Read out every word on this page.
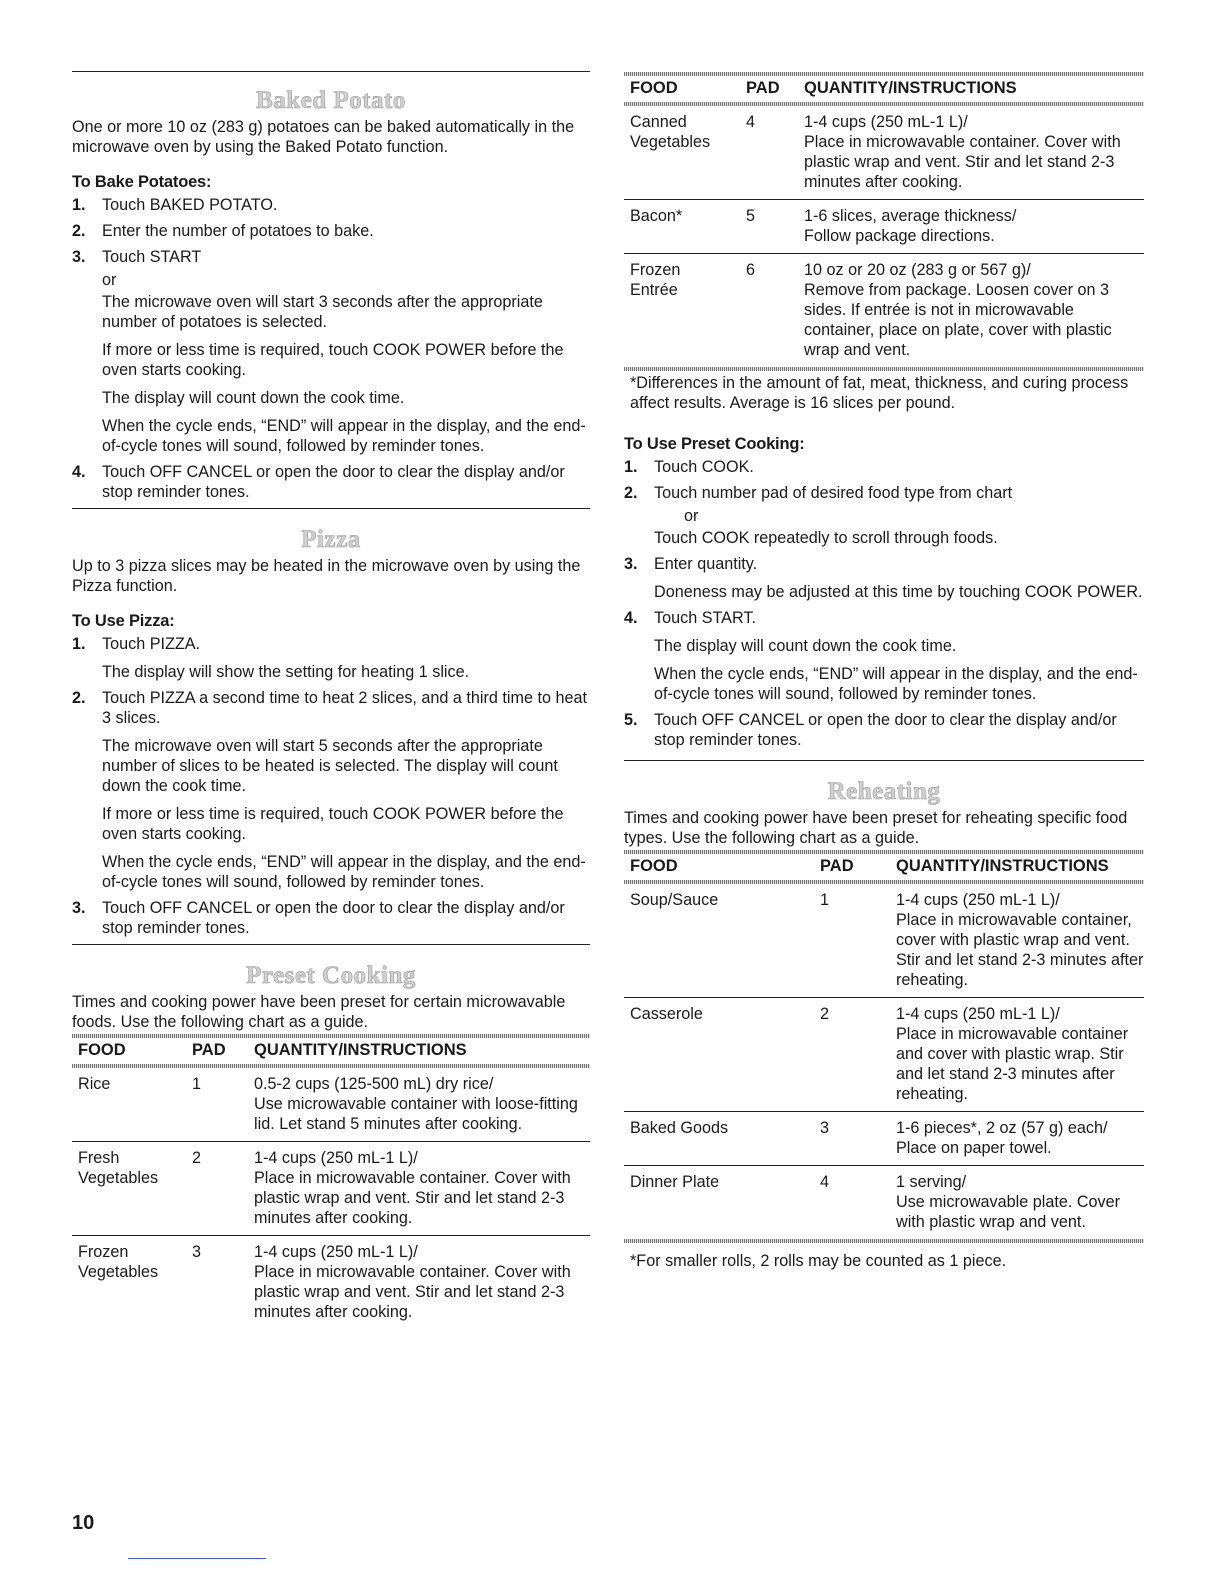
Baked Potato

One or more 10 oz (283 g) potatoes can be baked automatically in the microwave oven by using the Baked Potato function.

To Bake Potatoes:
1. Touch BAKED POTATO.
2. Enter the number of potatoes to bake.
3. Touch START

or

The microwave oven will start 3 seconds after the appropriate number of potatoes is selected.

If more or less time is required, touch COOK POWER before the oven starts cooking.

The display will count down the cook time.

When the cycle ends, “END” will appear in the display, and the end-of-cycle tones will sound, followed by reminder tones.

4. Touch OFF CANCEL or open the door to clear the display and/or stop reminder tones.
Pizza

Up to 3 pizza slices may be heated in the microwave oven by using the Pizza function.

To Use Pizza:
1. Touch PIZZA.

The display will show the setting for heating 1 slice.

2. Touch PIZZA a second time to heat 2 slices, and a third time to heat 3 slices.

The microwave oven will start 5 seconds after the appropriate number of slices to be heated is selected. The display will count down the cook time.

If more or less time is required, touch COOK POWER before the oven starts cooking.

When the cycle ends, “END” will appear in the display, and the end-of-cycle tones will sound, followed by reminder tones.

3. Touch OFF CANCEL or open the door to clear the display and/or stop reminder tones.
Preset Cooking

Times and cooking power have been preset for certain microwavable foods. Use the following chart as a guide.

FOOD	PAD	QUANTITY/INSTRUCTIONS

Rice	1	0.5-2 cups (125-500 mL) dry rice/
Use microwavable container with loose-fitting lid. Let stand 5 minutes after cooking.
Fresh
Vegetables	2	1-4 cups (250 mL-1 L)/
Place in microwavable container. Cover with plastic wrap and vent. Stir and let stand 2-3 minutes after cooking.
Frozen
Vegetables	3	1-4 cups (250 mL-1 L)/
Place in microwavable container. Cover with plastic wrap and vent. Stir and let stand 2-3 minutes after cooking.
FOOD	PAD	QUANTITY/INSTRUCTIONS

Canned
Vegetables	4	1-4 cups (250 mL-1 L)/
Place in microwavable container. Cover with plastic wrap and vent. Stir and let stand 2-3 minutes after cooking.
Bacon*	5	1-6 slices, average thickness/
Follow package directions.
Frozen
Entrée	6	10 oz or 20 oz (283 g or 567 g)/
Remove from package. Loosen cover on 3 sides. If entrée is not in microwavable container, place on plate, cover with plastic wrap and vent.

*Differences in the amount of fat, meat, thickness, and curing process affect results. Average is 16 slices per pound.

To Use Preset Cooking:
1. Touch COOK.
2. Touch number pad of desired food type from chart

or

Touch COOK repeatedly to scroll through foods.

3. Enter quantity.

Doneness may be adjusted at this time by touching COOK POWER.

4. Touch START.

The display will count down the cook time.

When the cycle ends, “END” will appear in the display, and the end-of-cycle tones will sound, followed by reminder tones.

5. Touch OFF CANCEL or open the door to clear the display and/or stop reminder tones.
Reheating

Times and cooking power have been preset for reheating specific food types. Use the following chart as a guide.

FOOD	PAD	QUANTITY/INSTRUCTIONS

Soup/Sauce	1	1-4 cups (250 mL-1 L)/
Place in microwavable container, cover with plastic wrap and vent. Stir and let stand 2-3 minutes after reheating.
Casserole	2	1-4 cups (250 mL-1 L)/
Place in microwavable container and cover with plastic wrap. Stir and let stand 2-3 minutes after reheating.
Baked Goods	3	1-6 pieces*, 2 oz (57 g) each/
Place on paper towel.
Dinner Plate	4	1 serving/
Use microwavable plate. Cover with plastic wrap and vent.

*For smaller rolls, 2 rolls may be counted as 1 piece.

10
